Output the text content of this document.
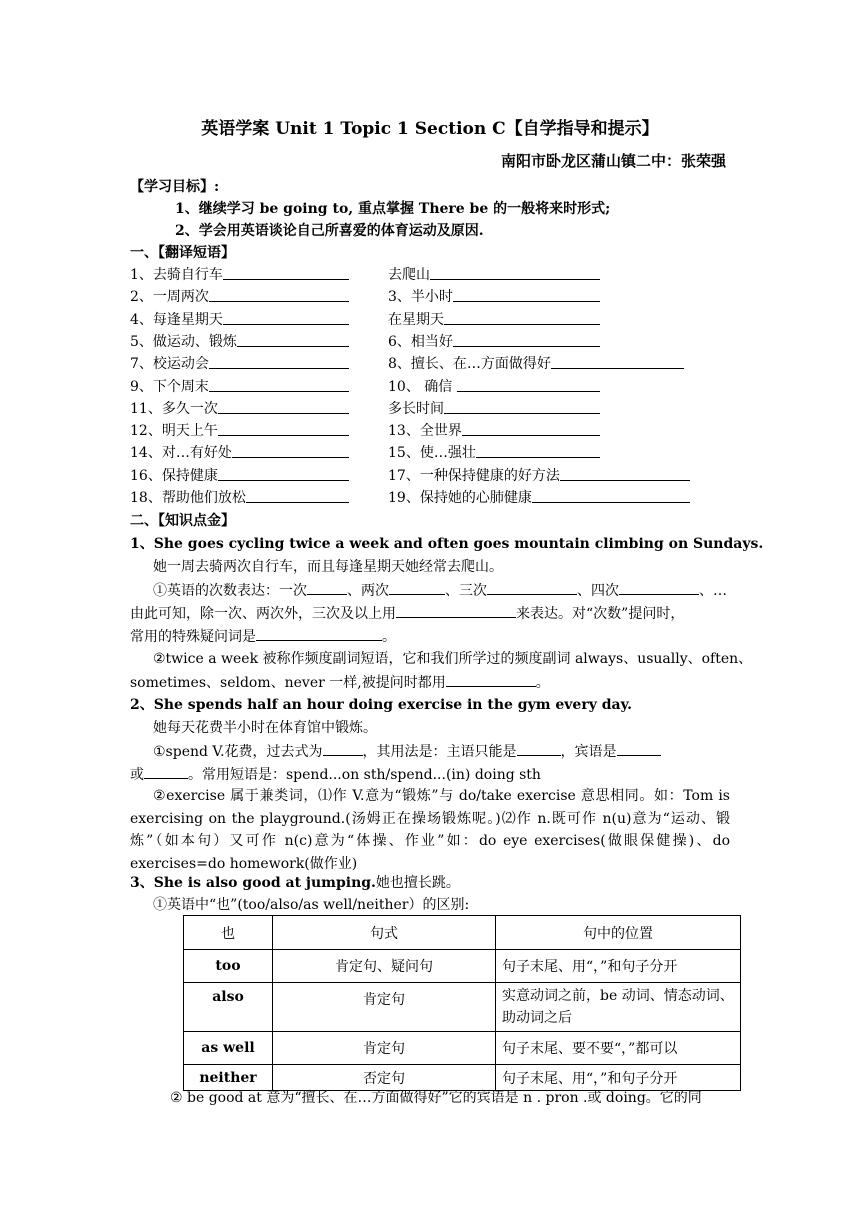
英语学案 Unit 1 Topic 1 Section C【自学指导和提示】
南阳市卧龙区蒲山镇二中：张荣强
【学习目标】:
1、继续学习 be going to, 重点掌握 There be 的一般将来时形式;
2、学会用英语谈论自己所喜爱的体育运动及原因.
一、【翻译短语】
1、去骑自行车	去爬山
2、一周两次	3、半小时
4、每逢星期天	在星期天
5、做运动、锻炼	6、相当好
7、校运动会	8、擅长、在…方面做得好
9、下个周末	10、 确信
11、多久一次	多长时间
12、明天上午	13、全世界
14、对…有好处	15、使…强壮
16、保持健康	17、一种保持健康的好方法
18、帮助他们放松	19、保持她的心肺健康
二、【知识点金】
1、She goes cycling twice a week and often goes mountain climbing on Sundays.
她一周去骑两次自行车，而且每逢星期天她经常去爬山。
①英语的次数表达：一次	、两次	、三次	、四次	、…
由此可知，除一次、两次外，三次及以上用	来表达。对“次数”提问时，
常用的特殊疑问词是	。
②twice a week 被称作频度副词短语，它和我们所学过的频度副词 always、usually、often、
sometimes、seldom、never 一样,被提问时都用	。
2、She spends half an hour doing exercise in the gym every day.
她每天花费半小时在体育馆中锻炼。
①spend V.花费，过去式为	，其用法是：主语只能是	，宾语是
或	。常用短语是：spend...on sth/spend...(in) doing sth
②exercise 属于兼类词，⑴作 V.意为“锻炼”与 do/take exercise 意思相同。如：Tom is exercising on the playground.(汤姆正在操场锻炼呢。)⑵作 n.既可作 n(u)意为“运动、锻炼”（如本句）又可作 n(c)意为“体操、作业”如：do eye exercises(做眼保健操)、do exercises=do homework(做作业)
3、She is also good at jumping.她也擅长跳。
①英语中“也”(too/also/as well/neither）的区别:
也	句式	句中的位置
too	肯定句、疑问句	句子末尾、用“，”和句子分开
also	肯定句	实意动词之前，be 动词、情态动词、助动词之后
as well	肯定句	句子末尾、要不要“，”都可以
neither	否定句	句子末尾、用“，”和句子分开
② be good at 意为“擅长、在…方面做得好”它的宾语是 n . pron .或 doing。它的同
